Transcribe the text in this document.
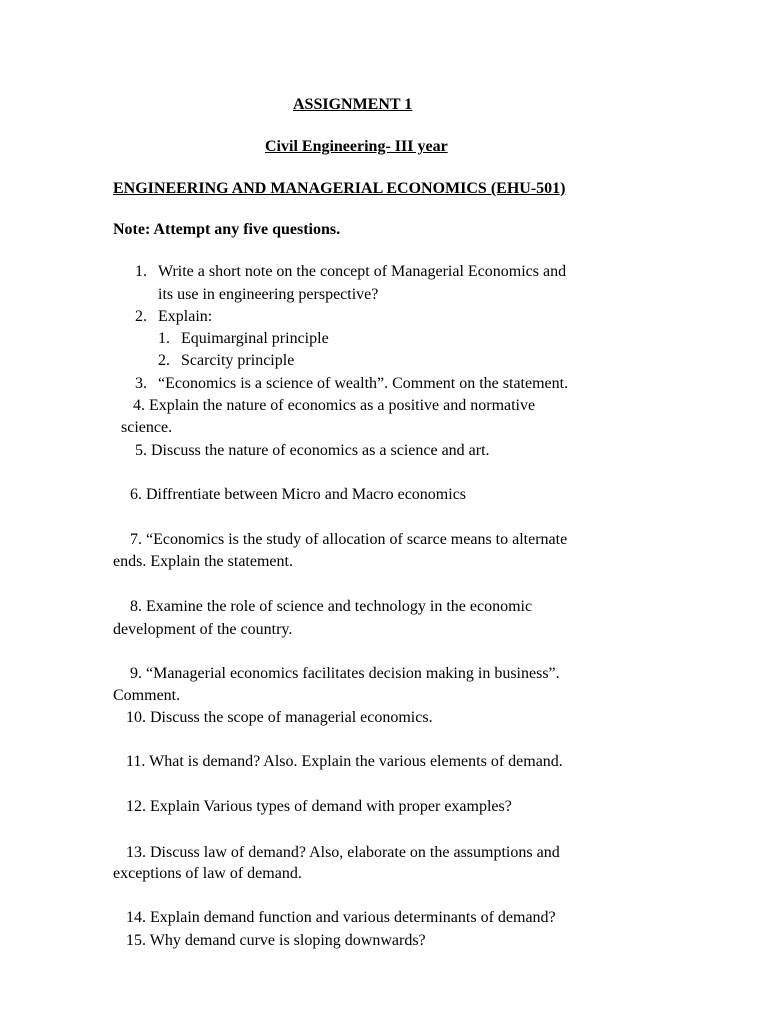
ASSIGNMENT 1
Civil Engineering- III year
ENGINEERING AND MANAGERIAL ECONOMICS (EHU-501)
Note: Attempt any five questions.
1. Write a short note on the concept of Managerial Economics and
its use in engineering perspective?
2. Explain:
1. Equimarginal principle
2. Scarcity principle
3. “Economics is a science of wealth”. Comment on the statement.
4. Explain the nature of economics as a positive and normative
science.
5. Discuss the nature of economics as a science and art.
6. Diffrentiate between Micro and Macro economics
7. “Economics is the study of allocation of scarce means to alternate
ends. Explain the statement.
8. Examine the role of science and technology in the economic
development of the country.
9. “Managerial economics facilitates decision making in business”.
Comment.
10. Discuss the scope of managerial economics.
11. What is demand? Also. Explain the various elements of demand.
12. Explain Various types of demand with proper examples?
13. Discuss law of demand? Also, elaborate on the assumptions and
exceptions of law of demand.
14. Explain demand function and various determinants of demand?
15. Why demand curve is sloping downwards?
